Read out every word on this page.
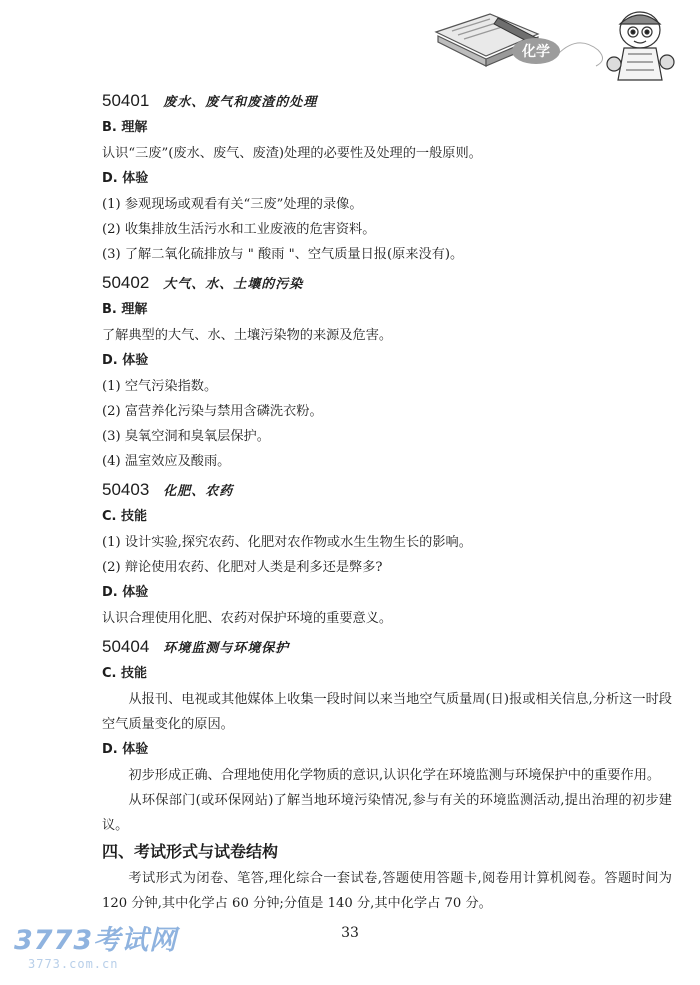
化学
50401 废水、废气和废渣的处理
B. 理解
认识“三废”(废水、废气、废渣)处理的必要性及处理的一般原则。
D. 体验
(1) 参观现场或观看有关“三废”处理的录像。
(2) 收集排放生活污水和工业废液的危害资料。
(3) 了解二氧化硫排放与 " 酸雨 "、空气质量日报(原来没有)。
50402 大气、水、土壤的污染
B. 理解
了解典型的大气、水、土壤污染物的来源及危害。
D. 体验
(1) 空气污染指数。
(2) 富营养化污染与禁用含磷洗衣粉。
(3) 臭氧空洞和臭氧层保护。
(4) 温室效应及酸雨。
50403 化肥、农药
C. 技能
(1) 设计实验,探究农药、化肥对农作物或水生生物生长的影响。
(2) 辩论使用农药、化肥对人类是利多还是弊多?
D. 体验
认识合理使用化肥、农药对保护环境的重要意义。
50404 环境监测与环境保护
C. 技能
从报刊、电视或其他媒体上收集一段时间以来当地空气质量周(日)报或相关信息,分析这一时段空气质量变化的原因。
D. 体验
初步形成正确、合理地使用化学物质的意识,认识化学在环境监测与环境保护中的重要作用。
从环保部门(或环保网站)了解当地环境污染情况,参与有关的环境监测活动,提出治理的初步建议。
四、考试形式与试卷结构
考试形式为闭卷、笔答,理化综合一套试卷,答题使用答题卡,阅卷用计算机阅卷。答题时间为 120 分钟,其中化学占 60 分钟;分值是 140 分,其中化学占 70 分。
33
3773考试网
3773.com.cn
